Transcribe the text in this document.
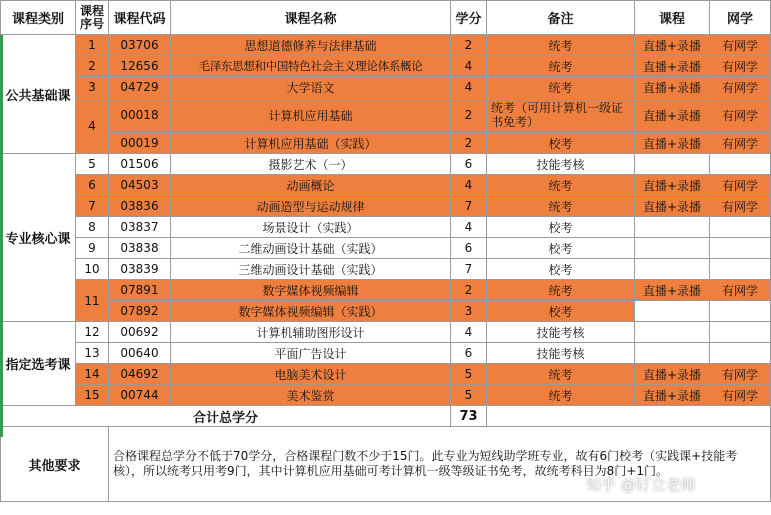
课程类别	课程序号	课程代码	课程名称	学分	备注	课程	网学
公共基础课	1	03706	思想道德修养与法律基础	2	统考	直播+录播	有网学
	2	12656	毛泽东思想和中国特色社会主义理论体系概论	4	统考	直播+录播	有网学
	3	04729	大学语文	4	统考	直播+录播	有网学
	4	00018	计算机应用基础	2	统考（可用计算机一级证书免考）	直播+录播	有网学
		00019	计算机应用基础（实践）	2	校考	直播+录播	有网学
专业核心课	5	01506	摄影艺术（一）	6	技能考核		
	6	04503	动画概论	4	统考	直播+录播	有网学
	7	03836	动画造型与运动规律	7	统考	直播+录播	有网学
	8	03837	场景设计（实践）	4	校考		
	9	03838	二维动画设计基础（实践）	6	校考		
	10	03839	三维动画设计基础（实践）	7	校考		
	11	07891	数字媒体视频编辑	2	统考	直播+录播	有网学
		07892	数字媒体视频编辑（实践）	3	校考		
指定选考课	12	00692	计算机辅助图形设计	4	技能考核		
	13	00640	平面广告设计	6	技能考核		
	14	04692	电脑美术设计	5	统考	直播+录播	有网学
	15	00744	美术鉴赏	5	统考	直播+录播	有网学
合计总学分				73			
其他要求		合格课程总学分不低于70学分，合格课程门数不少于15门。此专业为短线助学班专业，故有6门校考（实践课+技能考核），所以统考只用考9门，其中计算机应用基础可考计算机一级等级证书免考，故统考科目为8门+1门。					
知乎 @钉立老师
